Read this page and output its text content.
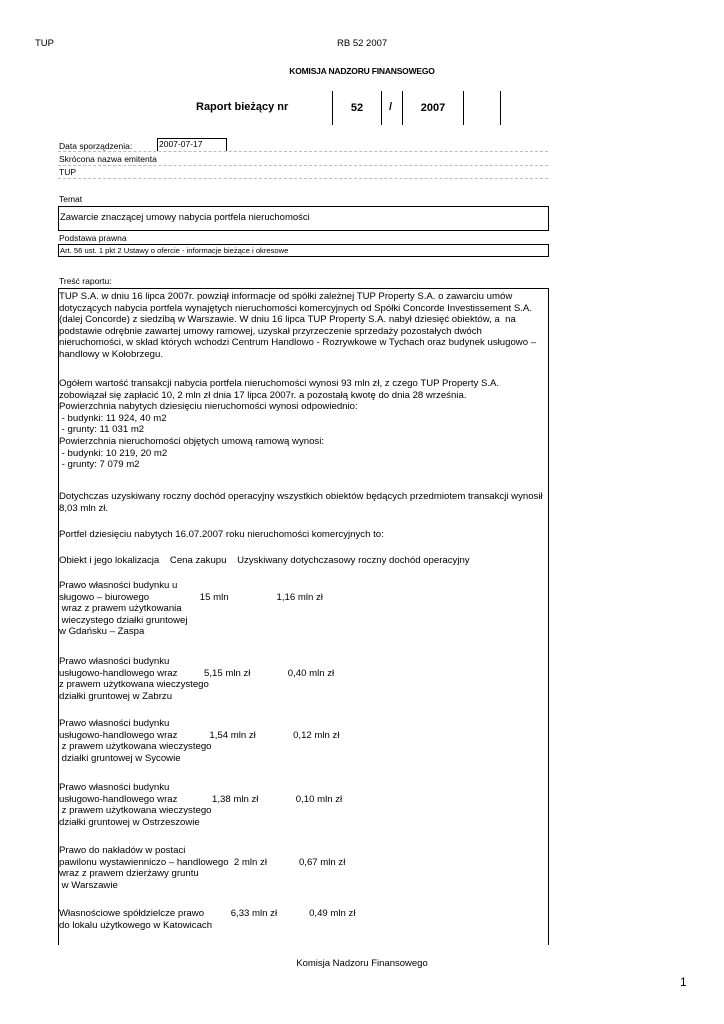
TUP	RB 52 2007
KOMISJA NADZORU FINANSOWEGO
Raport bieżący nr	52	/	2007
Data sporządzenia:	2007-07-17
Skrócona nazwa emitenta
TUP
Temat
Zawarcie znaczącej umowy nabycia portfela nieruchomości
Podstawa prawna
Art. 56 ust. 1 pkt 2 Ustawy o ofercie - informacje bieżące i okresowe
Treść raportu:
TUP S.A. w dniu 16 lipca 2007r. powziął informacje od spółki zależnej TUP Property S.A. o zawarciu umów
dotyczących nabycia portfela wynajętych nieruchomości komercyjnych od Spółki Concorde Investissement S.A.
(dalej Concorde) z siedzibą w Warszawie. W dniu 16 lipca TUP Property S.A. nabył dziesięć obiektów, a  na
podstawie odrębnie zawartej umowy ramowej, uzyskał przyrzeczenie sprzedaży pozostałych dwóch
nieruchomości, w skład których wchodzi Centrum Handlowo - Rozrywkowe w Tychach oraz budynek usługowo –
handlowy w Kołobrzegu.
Ogółem wartość transakcji nabycia portfela nieruchomości wynosi 93 mln zł, z czego TUP Property S.A.
zobowiązał się zapłacić 10, 2 mln zł dnia 17 lipca 2007r. a pozostałą kwotę do dnia 28 września.
Powierzchnia nabytych dziesięciu nieruchomości wynosi odpowiednio:
- budynki: 11 924, 40 m2
- grunty: 11 031 m2
Powierzchnia nieruchomości objętych umową ramową wynosi:
- budynki: 10 219, 20 m2
- grunty: 7 079 m2
Dotychczas uzyskiwany roczny dochód operacyjny wszystkich obiektów będących przedmiotem transakcji wynosił
8,03 mln zł.
Portfel dziesięciu nabytych 16.07.2007 roku nieruchomości komercyjnych to:
Obiekt i jego lokalizacja    Cena zakupu    Uzyskiwany dotychczasowy roczny dochód operacyjny
Prawo własności budynku u
sługowo – biurowego                   15 mln                  1,16 mln zł
wraz z prawem użytkowania
wieczystego działki gruntowej
w Gdańsku – Zaspa
Prawo własności budynku
usługowo-handlowego wraz          5,15 mln zł              0,40 mln zł
z prawem użytkowana wieczystego
działki gruntowej w Zabrzu
Prawo własności budynku
usługowo-handlowego wraz            1,54 mln zł              0,12 mln zł
z prawem użytkowana wieczystego
działki gruntowej w Sycowie
Prawo własności budynku
usługowo-handlowego wraz             1,38 mln zł              0,10 mln zł
z prawem użytkowana wieczystego
działki gruntowej w Ostrzeszowie
Prawo do nakładów w postaci
pawilonu wystawienniczo – handlowego  2 mln zł            0,67 mln zł
wraz z prawem dzierżawy gruntu
w Warszawie
Własnościowe spółdzielcze prawo          6,33 mln zł            0,49 mln zł
do lokalu użytkowego w Katowicach
Komisja Nadzoru Finansowego
1
